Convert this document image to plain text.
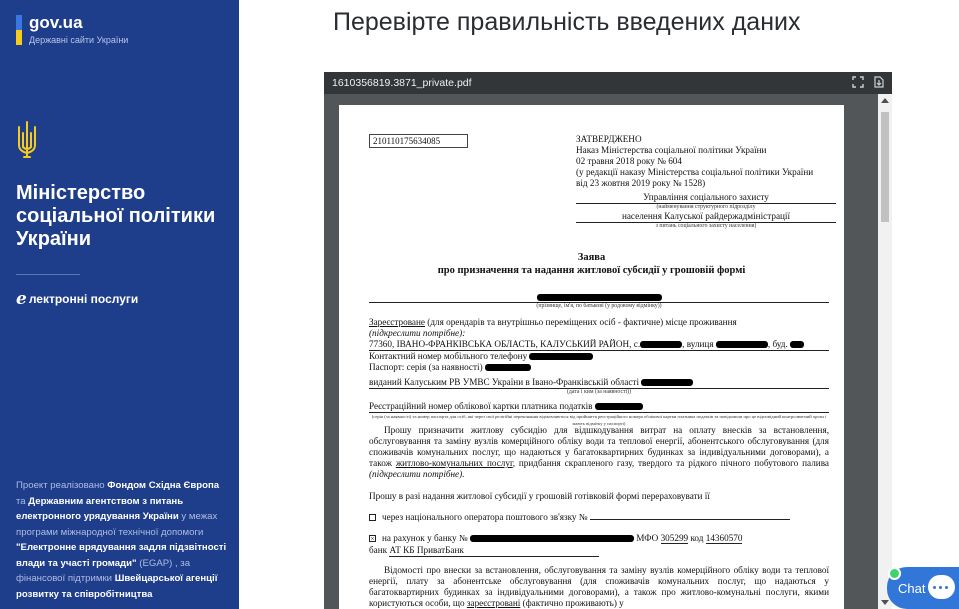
gov.ua
Державні сайти України
Міністерство соціальної політики України
е лектронні послуги
Проект реалізовано Фондом Східна Європа та Державним агентством з питань електронного урядування України у межах програми міжнародної технічної допомоги "Електронне врядування задля підзвітності влади та участі громади" (EGAP) , за фінансової підтримки Швейцарської агенції розвитку та співробітництва
Перевірте правильність введених даних
1610356819.3871_private.pdf
210110175634085	ЗАТВЕРДЖЕНО
Наказ Міністерства соціальної політики України
02 травня 2018 року № 604
(у редакції наказу Міністерства соціальної політики України
від 23 жовтня 2019 року № 1528)
Управління соціального захисту
(найменування структурного підрозділу
населення Калуської райдержадміністрації
з питань соціального захисту населення)
Заява
про призначення та надання житлової субсидії у грошовій формі
(прізвище, ім'я, по батькові (у родовому відмінку))
Зареєстроване (для орендарів та внутрішньо переміщених осіб - фактичне) місце проживання
(підкреслити потрібне):
77360, ІВАНО-ФРАНКІВСЬКА ОБЛАСТЬ, КАЛУСЬКИЙ РАЙОН, с.	, вулиця	, буд.
Контактний номер мобільного телефону
Паспорт: серія (за наявності)
виданий Калуським РВ УМВС України в Івано-Франківській області
(дата і ким (за наявності))
Реєстраційний номер облікової картки платника податків
(серія (за наявності) та номер паспорта для осіб, які через свої релігійні переконання відмовляються від прийняття реєстраційного номера облікової картки платника податків та повідомили про це відповідний контролюючий орган і мають відмітку у паспорті)
Прошу призначити житлову субсидію для відшкодування витрат на оплату внесків за встановлення, обслуговування та заміну вузлів комерційного обліку води та теплової енергії, абонентського обслуговування (для споживачів комунальних послуг, що надаються у багатоквартирних будинках за індивідуальними договорами), а також житлово-комунальних послуг, придбання скрапленого газу, твердого та рідкого пічного побутового палива (підкреслити потрібне).
Прошу в разі надання житлової субсидії у грошовій готівковій формі перераховувати її
через національного оператора поштового зв'язку №
× на рахунок у банку №	МФО 305299 код 14360570
банк АТ КБ ПриватБанк
Відомості про внески за встановлення, обслуговування та заміну вузлів комерційного обліку води та теплової енергії, плату за абонентське обслуговування (для споживачів комунальних послуг, що надаються у багатоквартирних будинках за індивідуальними договорами), а також про житлово-комунальні послуги, якими користуються особи, що зареєстровані (фактично проживають) у
Chat
